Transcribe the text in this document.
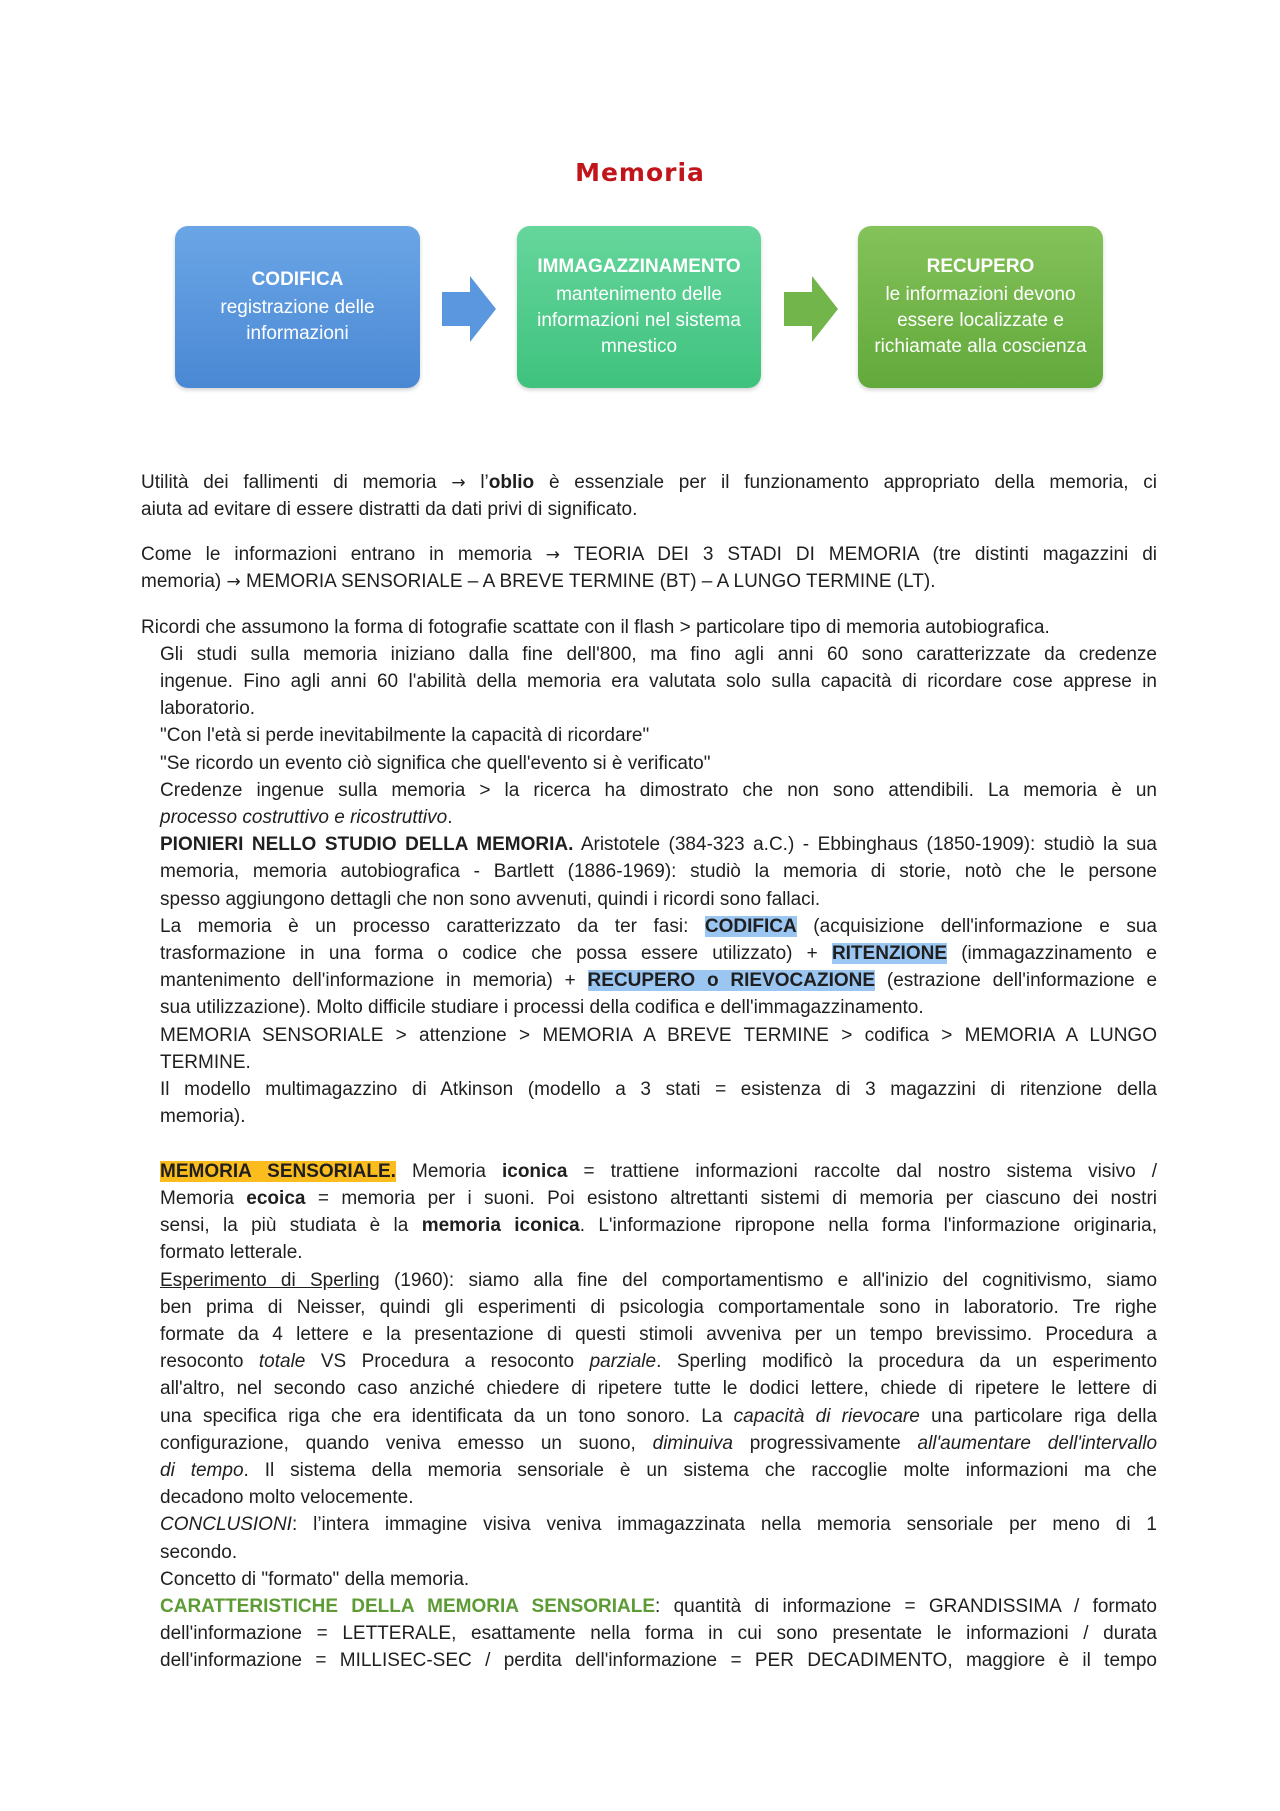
Memoria
CODIFICA
registrazione delle informazioni
IMMAGAZZINAMENTO
mantenimento delle informazioni nel sistema mnestico
RECUPERO
le informazioni devono essere localizzate e richiamate alla coscienza
Utilità dei fallimenti di memoria → l’oblio è essenziale per il funzionamento appropriato della memoria, ci
aiuta ad evitare di essere distratti da dati privi di significato.
Come le informazioni entrano in memoria → TEORIA DEI 3 STADI DI MEMORIA (tre distinti magazzini di
memoria) → MEMORIA SENSORIALE – A BREVE TERMINE (BT) – A LUNGO TERMINE (LT).
Ricordi che assumono la forma di fotografie scattate con il flash > particolare tipo di memoria autobiografica.
Gli studi sulla memoria iniziano dalla fine dell'800, ma fino agli anni 60 sono caratterizzate da credenze
ingenue. Fino agli anni 60 l'abilità della memoria era valutata solo sulla capacità di ricordare cose apprese in
laboratorio.
"Con l'età si perde inevitabilmente la capacità di ricordare"
"Se ricordo un evento ciò significa che quell'evento si è verificato"
Credenze ingenue sulla memoria > la ricerca ha dimostrato che non sono attendibili. La memoria è un
processo costruttivo e ricostruttivo.
PIONIERI NELLO STUDIO DELLA MEMORIA. Aristotele (384-323 a.C.) - Ebbinghaus (1850-1909): studiò la sua
memoria, memoria autobiografica - Bartlett (1886-1969): studiò la memoria di storie, notò che le persone
spesso aggiungono dettagli che non sono avvenuti, quindi i ricordi sono fallaci.
La memoria è un processo caratterizzato da ter fasi: CODIFICA (acquisizione dell'informazione e sua
trasformazione in una forma o codice che possa essere utilizzato) + RITENZIONE (immagazzinamento e
mantenimento dell'informazione in memoria) + RECUPERO o RIEVOCAZIONE (estrazione dell'informazione e
sua utilizzazione). Molto difficile studiare i processi della codifica e dell'immagazzinamento.
MEMORIA SENSORIALE > attenzione > MEMORIA A BREVE TERMINE > codifica > MEMORIA A LUNGO
TERMINE.
Il modello multimagazzino di Atkinson (modello a 3 stati = esistenza di 3 magazzini di ritenzione della
memoria).
MEMORIA SENSORIALE. Memoria iconica = trattiene informazioni raccolte dal nostro sistema visivo /
Memoria ecoica = memoria per i suoni. Poi esistono altrettanti sistemi di memoria per ciascuno dei nostri
sensi, la più studiata è la memoria iconica. L'informazione ripropone nella forma l'informazione originaria,
formato letterale.
Esperimento di Sperling (1960): siamo alla fine del comportamentismo e all'inizio del cognitivismo, siamo
ben prima di Neisser, quindi gli esperimenti di psicologia comportamentale sono in laboratorio. Tre righe
formate da 4 lettere e la presentazione di questi stimoli avveniva per un tempo brevissimo. Procedura a
resoconto totale VS Procedura a resoconto parziale. Sperling modificò la procedura da un esperimento
all'altro, nel secondo caso anziché chiedere di ripetere tutte le dodici lettere, chiede di ripetere le lettere di
una specifica riga che era identificata da un tono sonoro. La capacità di rievocare una particolare riga della
configurazione, quando veniva emesso un suono, diminuiva progressivamente all'aumentare dell'intervallo
di tempo. Il sistema della memoria sensoriale è un sistema che raccoglie molte informazioni ma che
decadono molto velocemente.
CONCLUSIONI: l’intera immagine visiva veniva immagazzinata nella memoria sensoriale per meno di 1
secondo.
Concetto di "formato" della memoria.
CARATTERISTICHE DELLA MEMORIA SENSORIALE: quantità di informazione = GRANDISSIMA / formato
dell'informazione = LETTERALE, esattamente nella forma in cui sono presentate le informazioni / durata
dell'informazione = MILLISEC-SEC / perdita dell'informazione = PER DECADIMENTO, maggiore è il tempo
